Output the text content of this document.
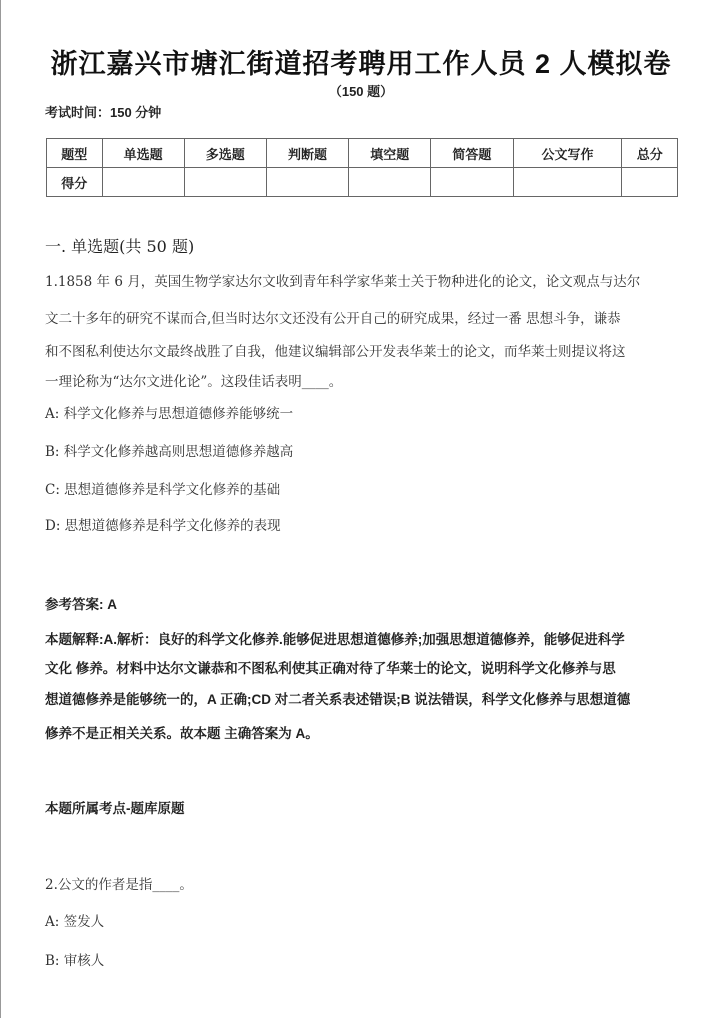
浙江嘉兴市塘汇街道招考聘用工作人员 2 人模拟卷
（150 题）
考试时间：150 分钟
题型	单选题	多选题	判断题	填空题	简答题	公文写作	总分
得分							
一. 单选题(共 50 题)
1.1858 年 6 月，英国生物学家达尔文收到青年科学家华莱士关于物种进化的论文，论文观点与达尔
文二十多年的研究不谋而合,但当时达尔文还没有公开自己的研究成果，经过一番 思想斗争，谦恭
和不图私利使达尔文最终战胜了自我，他建议编辑部公开发表华莱士的论文，而华莱士则提议将这
一理论称为“达尔文进化论”。这段佳话表明____。
A: 科学文化修养与思想道德修养能够统一
B: 科学文化修养越高则思想道德修养越高
C: 思想道德修养是科学文化修养的基础
D: 思想道德修养是科学文化修养的表现
参考答案: A
本题解释:A.解析：良好的科学文化修养.能够促进思想道德修养;加强思想道德修养，能够促进科学
文化 修养。材料中达尔文谦恭和不图私利使其正确对待了华莱士的论文，说明科学文化修养与思
想道德修养是能够统一的，A 正确;CD 对二者关系表述错误;B 说法错误，科学文化修养与思想道德
修养不是正相关关系。故本题 主确答案为 A。
本题所属考点-题库原题
2.公文的作者是指____。
A: 签发人
B: 审核人
